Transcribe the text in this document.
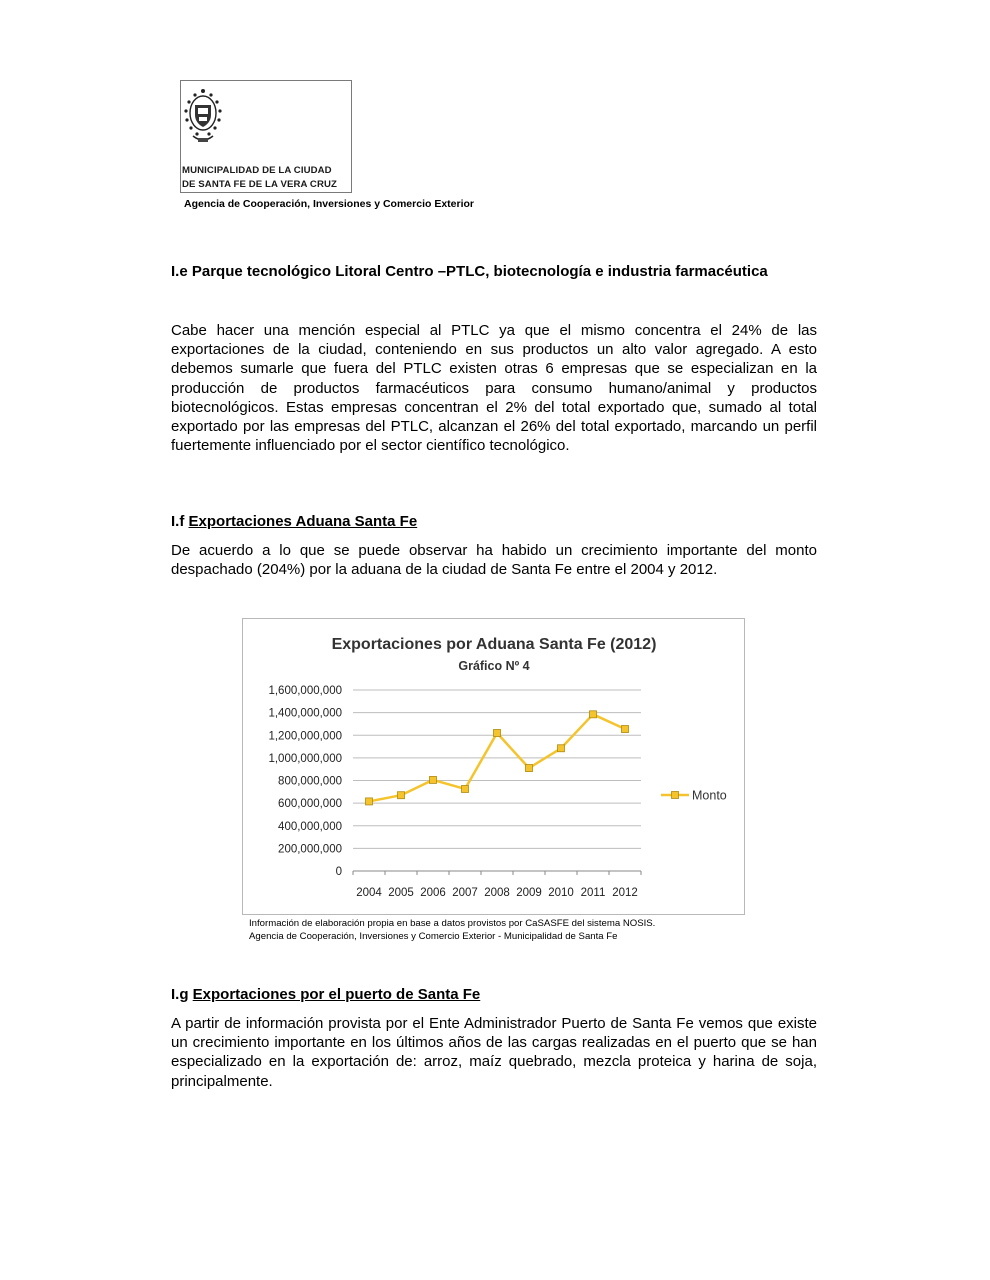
MUNICIPALIDAD DE LA CIUDAD
DE SANTA FE DE LA VERA CRUZ
Agencia de Cooperación, Inversiones y Comercio Exterior
I.e Parque tecnológico Litoral Centro –PTLC, biotecnología e industria farmacéutica

Cabe hacer una mención especial al PTLC ya que el mismo concentra el 24% de las exportaciones de la ciudad, conteniendo en sus productos un alto valor agregado. A esto debemos sumarle que fuera del PTLC existen otras 6 empresas que se especializan en la producción de productos farmacéuticos para consumo humano/animal y productos biotecnológicos. Estas empresas concentran el 2% del total exportado que, sumado al total exportado por las empresas del PTLC, alcanzan el 26% del total exportado, marcando un perfil fuertemente influenciado por el sector científico tecnológico.

I.f Exportaciones Aduana Santa Fe

De acuerdo a lo que se puede observar ha habido un crecimiento importante del monto despachado (204%) por la aduana de la ciudad de Santa Fe entre el 2004 y 2012.

Exportaciones por Aduana Santa Fe (2012)
Gráfico Nº 4
1,600,000,000
1,400,000,000
1,200,000,000
1,000,000,000
800,000,000
600,000,000
400,000,000
200,000,000
0
2004 2005 2006 2007 2008 2009 2010 2011 2012
Monto
Información de elaboración propia en base a datos provistos por CaSASFE del sistema NOSIS.
Agencia de Cooperación, Inversiones y Comercio Exterior - Municipalidad de Santa Fe
I.g Exportaciones por el puerto de Santa Fe

A partir de información provista por el Ente Administrador Puerto de Santa Fe vemos que existe un crecimiento importante en los últimos años de las cargas realizadas en el puerto que se han especializado en la exportación de: arroz, maíz quebrado, mezcla proteica y harina de soja, principalmente.
